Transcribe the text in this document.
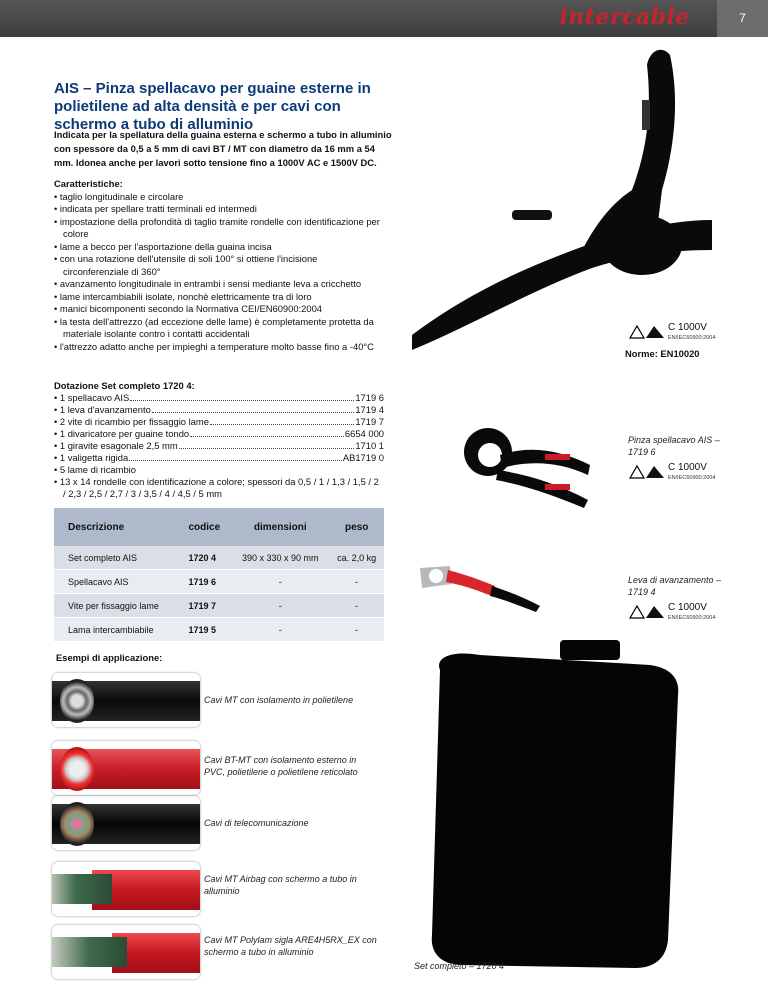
intercable	7
AIS – Pinza spellacavo per guaine esterne in polietilene ad alta densità e per cavi con schermo a tubo di alluminio
Indicata per la spellatura della guaina esterna e schermo a tubo in alluminio con spessore da 0,5 a 5 mm di cavi BT / MT con diametro da 16 mm a 54 mm. Idonea anche per lavori sotto tensione fino a 1000V AC e 1500V DC.
Caratteristiche:
• taglio longitudinale e circolare
• indicata per spellare tratti terminali ed intermedi
• impostazione della profondità di taglio tramite rondelle con identificazione per colore
• lame a becco per l'asportazione della guaina incisa
• con una rotazione dell'utensile di soli 100° si ottiene l'incisione circonferenziale di 360°
• avanzamento longitudinale in entrambi i sensi mediante leva a cricchetto
• lame intercambiabili isolate, nonchè elettricamente tra di loro
• manici bicomponenti secondo la Normativa CEI/EN60900:2004
• la testa dell'attrezzo (ad eccezione delle lame) è completamente protetta da materiale isolante contro i contatti accidentali
• l'attrezzo adatto anche per impieghi a temperature molto basse fino a -40°C
Dotazione Set completo 1720 4:
• 1 spellacavo AIS	1719 6
• 1 leva d'avanzamento	1719 4
• 2 vite di ricambio per fissaggio lame	1719 7
• 1 divaricatore per guaine tondo	6654 000
• 1 giravite esagonale 2,5 mm	1710 1
• 1 valigetta rigida	AB1719 0
• 5 lame di ricambio
• 13 x 14 rondelle con identificazione a colore; spessori da 0,5 / 1 / 1,3 / 1,5 / 2 / 2,3 / 2,5 / 2,7 / 3 / 3,5 / 4 / 4,5 / 5 mm
Descrizione	codice	dimensioni	peso
Set completo AIS	1720 4	390 x 330 x 90 mm	ca. 2,0 kg
Spellacavo AIS	1719 6	-	-
Vite per fissaggio lame	1719 7	-	-
Lama intercambiabile	1719 5	-	-
Esempi di applicazione:
Cavi MT con isolamento in polietilene
Cavi BT-MT con isolamento esterno in PVC, polietilene o polietilene reticolato
Cavi di telecomunicazione
Cavi MT Airbag con schermo a tubo in alluminio
Cavi MT Polylam sigla ARE4H5RX_EX con schermo a tubo in alluminio
C 1000V
EN/IEC60900:2004
Norme: EN10020
Pinza spellacavo AIS – 1719 6
C 1000V
EN/IEC60900:2004
Leva di avanzamento – 1719 4
C 1000V
EN/IEC60900:2004
Set completo – 1720 4
